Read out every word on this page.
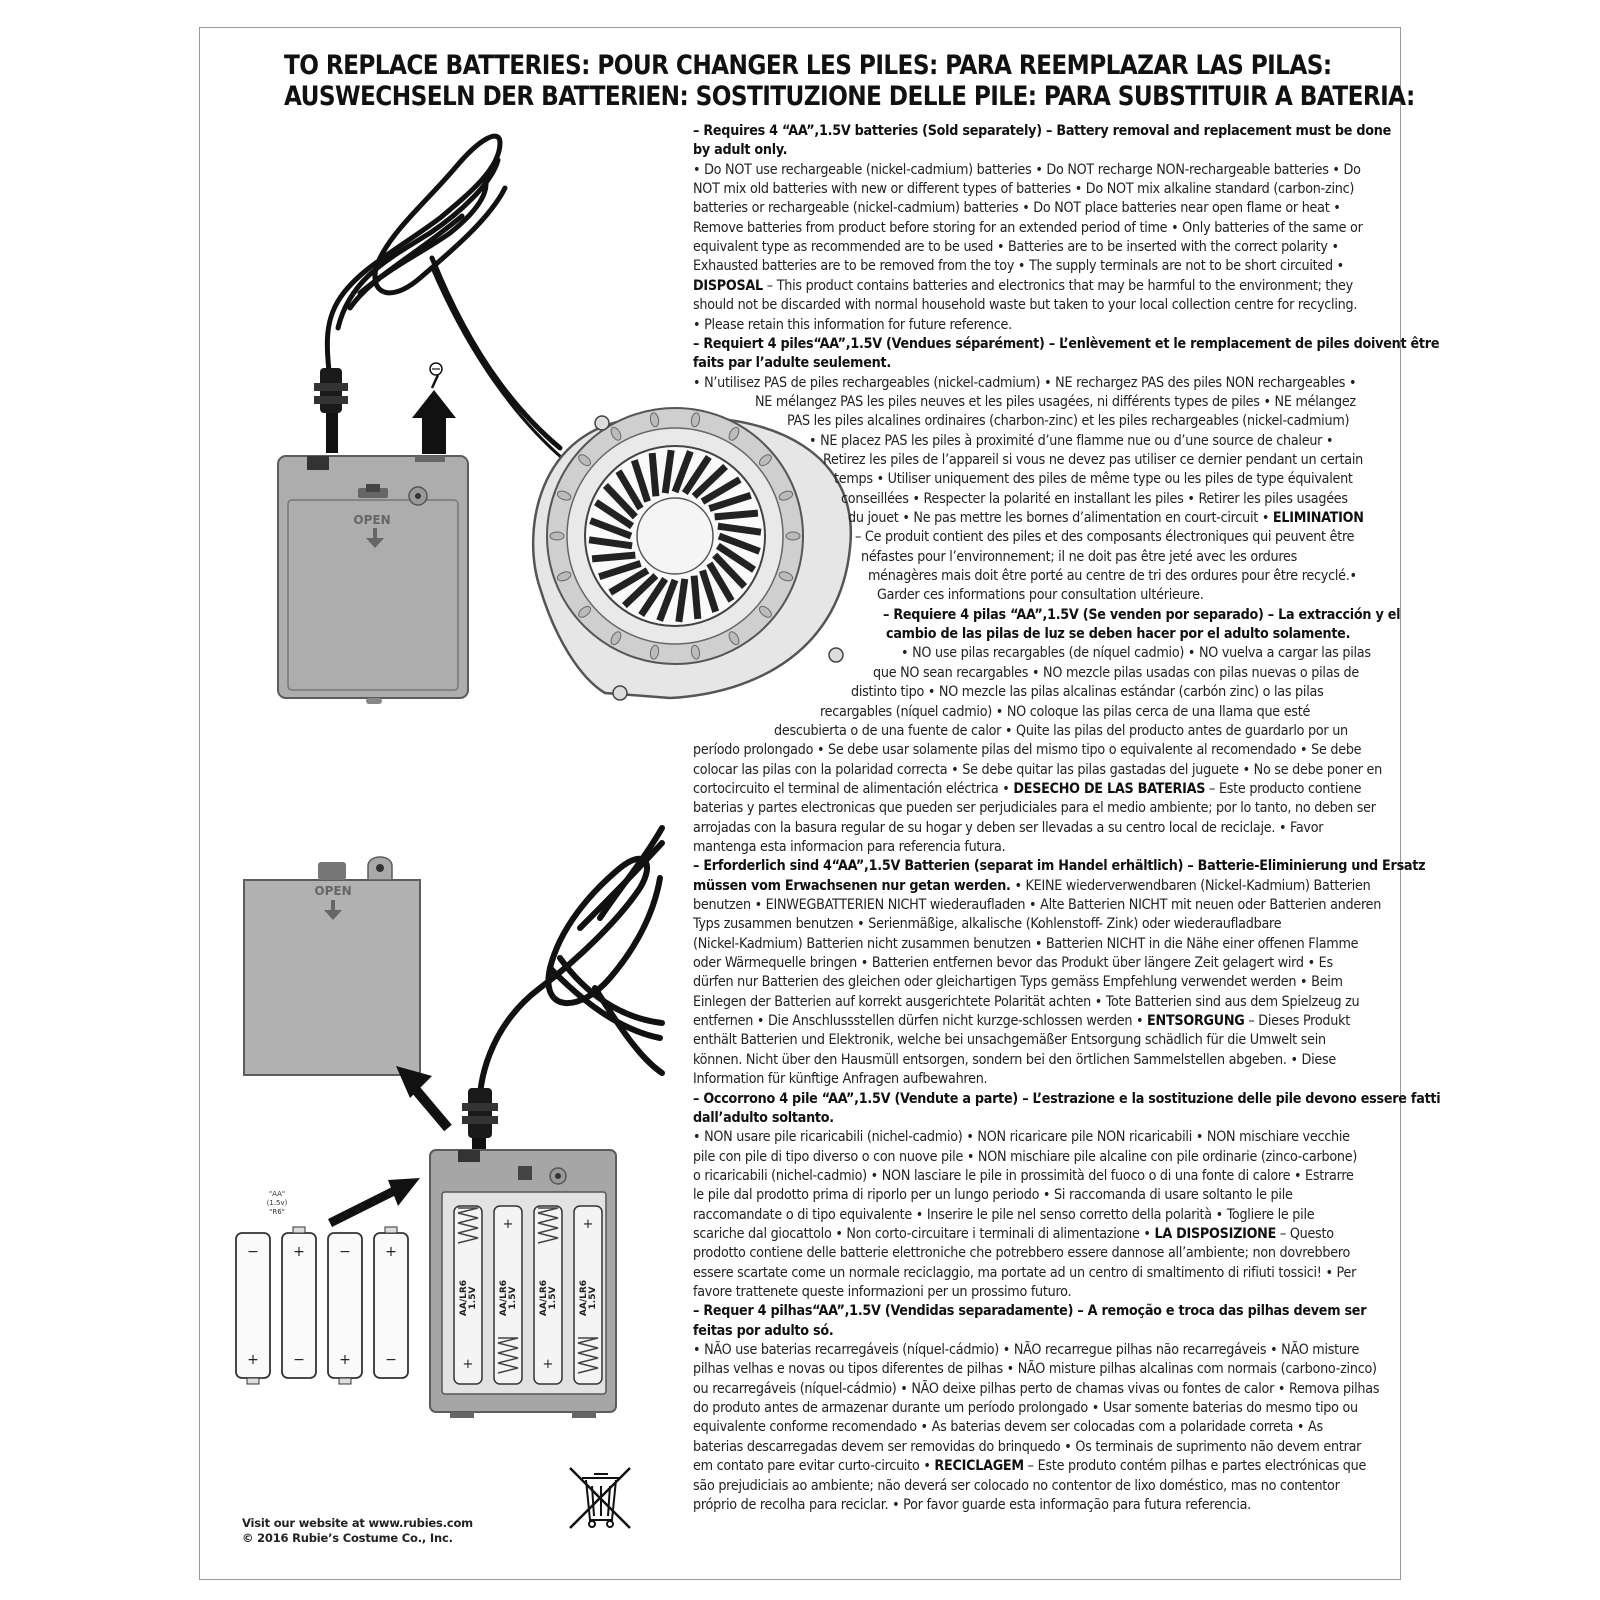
TO REPLACE BATTERIES: POUR CHANGER LES PILES: PARA REEMPLAZAR LAS PILAS:
AUSWECHSELN DER BATTERIEN: SOSTITUZIONE DELLE PILE: PARA SUBSTITUIR A BATERIA:
OPEN
OPEN
AA/LR6 1.5V
+
AA/LR6 1.5V
+
AA/LR6 1.5V
+
AA/LR6 1.5V
+
"AA"
(1.5v)
"R6"
−
+
+
−
−
+
+
−
– Requires 4 “AA”,1.5V batteries (Sold separately) – Battery removal and replacement must be done
by adult only.
• Do NOT use rechargeable (nickel-cadmium) batteries • Do NOT recharge NON-rechargeable batteries • Do
NOT mix old batteries with new or different types of batteries • Do NOT mix alkaline standard (carbon-zinc)
batteries or rechargeable (nickel-cadmium) batteries • Do NOT place batteries near open flame or heat •
Remove batteries from product before storing for an extended period of time • Only batteries of the same or
equivalent type as recommended are to be used • Batteries are to be inserted with the correct polarity •
Exhausted batteries are to be removed from the toy • The supply terminals are not to be short circuited •
DISPOSAL – This product contains batteries and electronics that may be harmful to the environment; they
should not be discarded with normal household waste but taken to your local collection centre for recycling.
• Please retain this information for future reference.
– Requiert 4 piles“AA”,1.5V (Vendues séparément) – L’enlèvement et le remplacement de piles doivent être
faits par l’adulte seulement.
• N’utilisez PAS de piles rechargeables (nickel-cadmium) • NE rechargez PAS des piles NON rechargeables •
NE mélangez PAS les piles neuves et les piles usagées, ni différents types de piles • NE mélangez
PAS les piles alcalines ordinaires (charbon-zinc) et les piles rechargeables (nickel-cadmium)
• NE placez PAS les piles à proximité d’une flamme nue ou d’une source de chaleur •
Retirez les piles de l’appareil si vous ne devez pas utiliser ce dernier pendant un certain
temps • Utiliser uniquement des piles de même type ou les piles de type équivalent
conseillées • Respecter la polarité en installant les piles • Retirer les piles usagées
du jouet • Ne pas mettre les bornes d’alimentation en court-circuit • ELIMINATION
– Ce produit contient des piles et des composants électroniques qui peuvent être
néfastes pour l’environnement; il ne doit pas être jeté avec les ordures
ménagères mais doit être porté au centre de tri des ordures pour être recyclé.•
Garder ces informations pour consultation ultérieure.
– Requiere 4 pilas “AA”,1.5V (Se venden por separado) – La extracción y el
cambio de las pilas de luz se deben hacer por el adulto solamente.
• NO use pilas recargables (de níquel cadmio) • NO vuelva a cargar las pilas
que NO sean recargables • NO mezcle pilas usadas con pilas nuevas o pilas de
distinto tipo • NO mezcle las pilas alcalinas estándar (carbón zinc) o las pilas
recargables (níquel cadmio) • NO coloque las pilas cerca de una llama que esté
descubierta o de una fuente de calor • Quite las pilas del producto antes de guardarlo por un
período prolongado • Se debe usar solamente pilas del mismo tipo o equivalente al recomendado • Se debe
colocar las pilas con la polaridad correcta • Se debe quitar las pilas gastadas del juguete • No se debe poner en
cortocircuito el terminal de alimentación eléctrica • DESECHO DE LAS BATERIAS – Este producto contiene
baterias y partes electronicas que pueden ser perjudiciales para el medio ambiente; por lo tanto, no deben ser
arrojadas con la basura regular de su hogar y deben ser llevadas a su centro local de reciclaje. • Favor
mantenga esta informacion para referencia futura.
– Erforderlich sind 4“AA”,1.5V Batterien (separat im Handel erhältlich) – Batterie-Eliminierung und Ersatz
müssen vom Erwachsenen nur getan werden. • KEINE wiederverwendbaren (Nickel-Kadmium) Batterien
benutzen • EINWEGBATTERIEN NICHT wiederaufladen • Alte Batterien NICHT mit neuen oder Batterien anderen
Typs zusammen benutzen • Serienmäßige, alkalische (Kohlenstoff- Zink) oder wiederaufladbare
(Nickel-Kadmium) Batterien nicht zusammen benutzen • Batterien NICHT in die Nähe einer offenen Flamme
oder Wärmequelle bringen • Batterien entfernen bevor das Produkt über längere Zeit gelagert wird • Es
dürfen nur Batterien des gleichen oder gleichartigen Typs gemäss Empfehlung verwendet werden • Beim
Einlegen der Batterien auf korrekt ausgerichtete Polarität achten • Tote Batterien sind aus dem Spielzeug zu
entfernen • Die Anschlussstellen dürfen nicht kurzge-schlossen werden • ENTSORGUNG – Dieses Produkt
enthält Batterien und Elektronik, welche bei unsachgemäßer Entsorgung schädlich für die Umwelt sein
können. Nicht über den Hausmüll entsorgen, sondern bei den örtlichen Sammelstellen abgeben. • Diese
Information für künftige Anfragen aufbewahren.
– Occorrono 4 pile “AA”,1.5V (Vendute a parte) – L’estrazione e la sostituzione delle pile devono essere fatti
dall’adulto soltanto.
• NON usare pile ricaricabili (nichel-cadmio) • NON ricaricare pile NON ricaricabili • NON mischiare vecchie
pile con pile di tipo diverso o con nuove pile • NON mischiare pile alcaline con pile ordinarie (zinco-carbone)
o ricaricabili (nichel-cadmio) • NON lasciare le pile in prossimità del fuoco o di una fonte di calore • Estrarre
le pile dal prodotto prima di riporlo per un lungo periodo • Si raccomanda di usare soltanto le pile
raccomandate o di tipo equivalente • Inserire le pile nel senso corretto della polarità • Togliere le pile
scariche dal giocattolo • Non corto-circuitare i terminali di alimentazione • LA DISPOSIZIONE – Questo
prodotto contiene delle batterie elettroniche che potrebbero essere dannose all’ambiente; non dovrebbero
essere scartate come un normale reciclaggio, ma portate ad un centro di smaltimento di rifiuti tossici! • Per
favore trattenete queste informazioni per un prossimo futuro.
– Requer 4 pilhas“AA”,1.5V (Vendidas separadamente) – A remoção e troca das pilhas devem ser
feitas por adulto só.
• NÃO use baterias recarregáveis (níquel-cádmio) • NÃO recarregue pilhas não recarregáveis • NÃO misture
pilhas velhas e novas ou tipos diferentes de pilhas • NÃO misture pilhas alcalinas com normais (carbono-zinco)
ou recarregáveis (níquel-cádmio) • NÃO deixe pilhas perto de chamas vivas ou fontes de calor • Remova pilhas
do produto antes de armazenar durante um período prolongado • Usar somente baterias do mesmo tipo ou
equivalente conforme recomendado • As baterias devem ser colocadas com a polaridade correta • As
baterias descarregadas devem ser removidas do brinquedo • Os terminais de suprimento não devem entrar
em contato pare evitar curto-circuito • RECICLAGEM – Este produto contém pilhas e partes electrónicas que
são prejudiciais ao ambiente; não deverá ser colocado no contentor de lixo doméstico, mas no contentor
próprio de recolha para reciclar. • Por favor guarde esta informação para futura referencia.
Visit our website at www.rubies.com
© 2016 Rubie’s Costume Co., Inc.
